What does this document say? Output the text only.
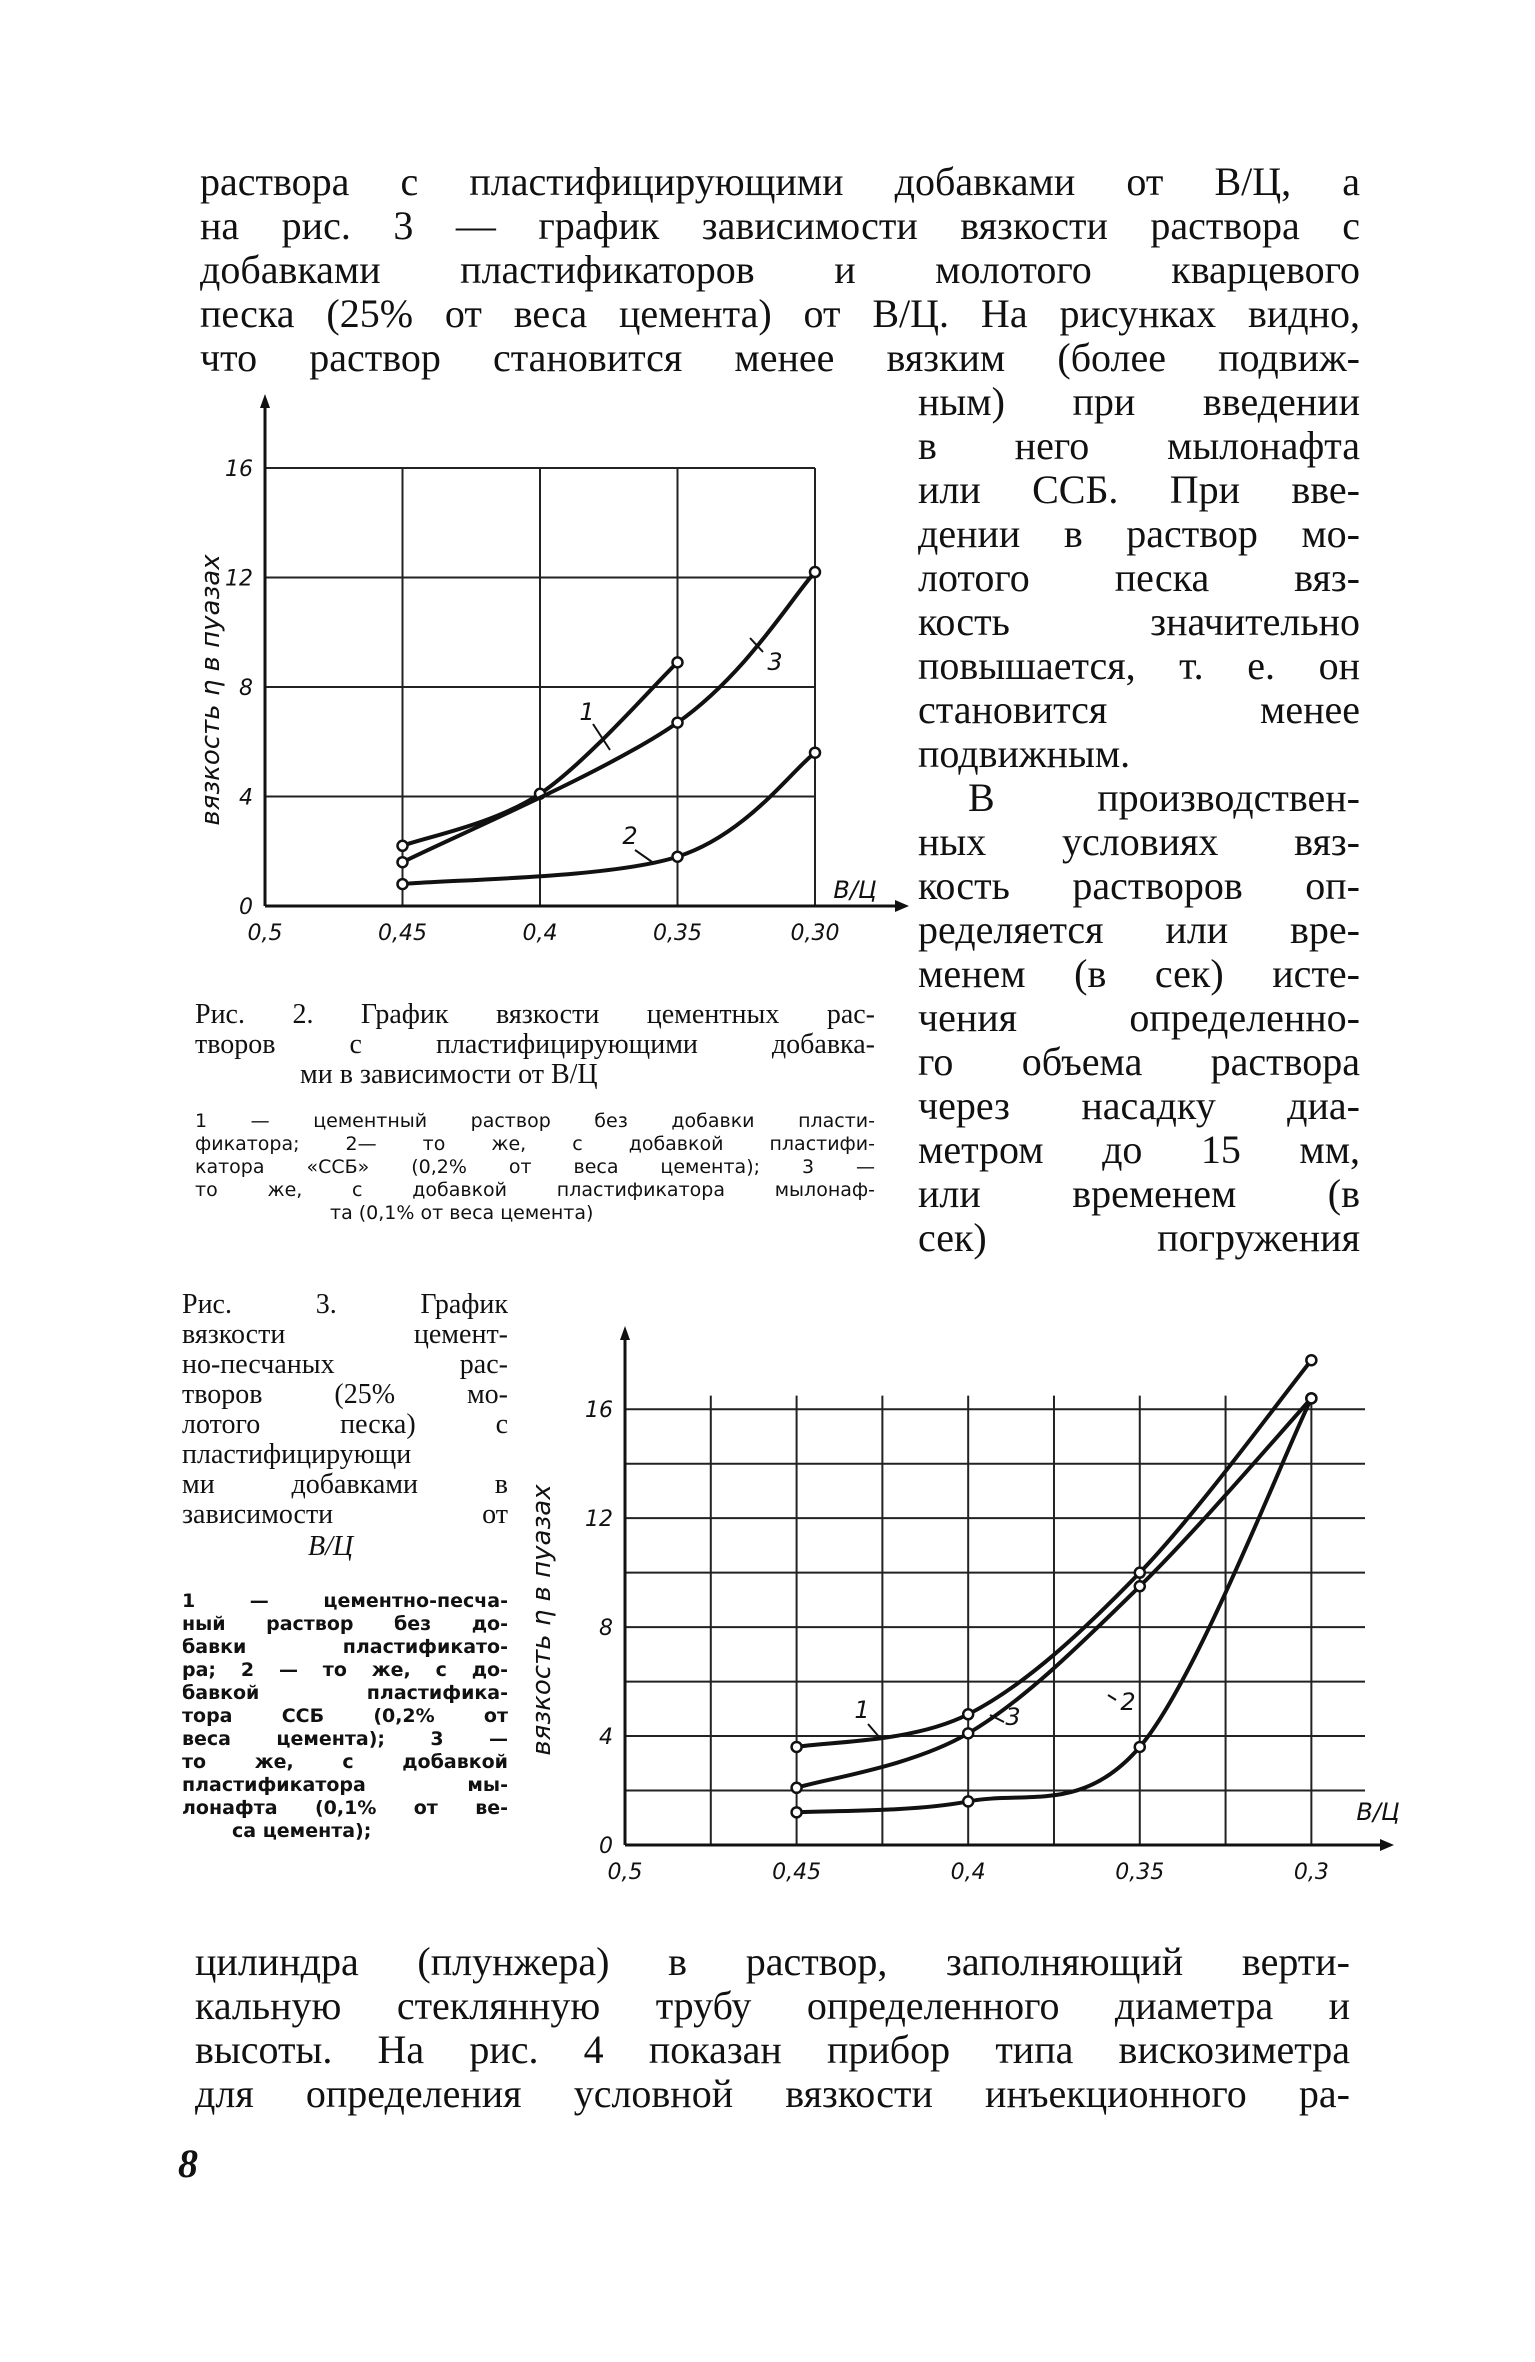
раствора с пластифицирующими добавками от В/Ц, а
на рис. 3 — график зависимости вязкости раствора с
добавками пластификаторов и молотого кварцевого
песка (25% от веса цемента) от В/Ц. На рисунках видно,
что раствор становится менее вязким (более подвиж-
1
3
2
0,5	0,45	0,4	0,35	0,30
0
4
8
12
16
В/Ц
вязкость η в пуазах
Рис. 2. График вязкости цементных рас-
творов с пластифицирующими добавка-
ми в зависимости от В/Ц
1 — цементный раствор без добавки пласти-
фикатора; 2— то же, с добавкой пластифи-
катора «ССБ» (0,2% от веса цемента); 3 —
то же, с добавкой пластификатора мылонаф-
та (0,1% от веса цемента)
ным) при введении
в него мылонафта
или ССБ. При вве-
дении в раствор мо-
лотого песка вяз-
кость значительно
повышается, т. е. он
становится менее
подвижным.
В производствен-
ных условиях вяз-
кость растворов оп-
ределяется или вре-
менем (в сек) исте-
чения определенно-
го объема раствора
через насадку диа-
метром до 15 мм,
или временем (в
сек) погружения
Рис. 3. График
вязкости цемент-
но-песчаных рас-
творов (25% мо-
лотого песка) с
пластифицирующи
ми добавками в
зависимости от
В/Ц
1 — цементно-песча-
ный раствор без до-
бавки пластификато-
ра; 2 — то же, с до-
бавкой пластифика-
тора ССБ (0,2% от
веса цемента); 3 —
то же, с добавкой
пластификатора мы-
лонафта (0,1% от ве-
са цемента);
1	3
2
0,5	0,45	0,4	0,35	0,3
0
4
8
12
16
В/Ц
вязкость η в пуазах
цилиндра (плунжера) в раствор, заполняющий верти-
кальную стеклянную трубу определенного диаметра и
высоты. На рис. 4 показан прибор типа вискозиметра
для определения условной вязкости инъекционного ра-
8
